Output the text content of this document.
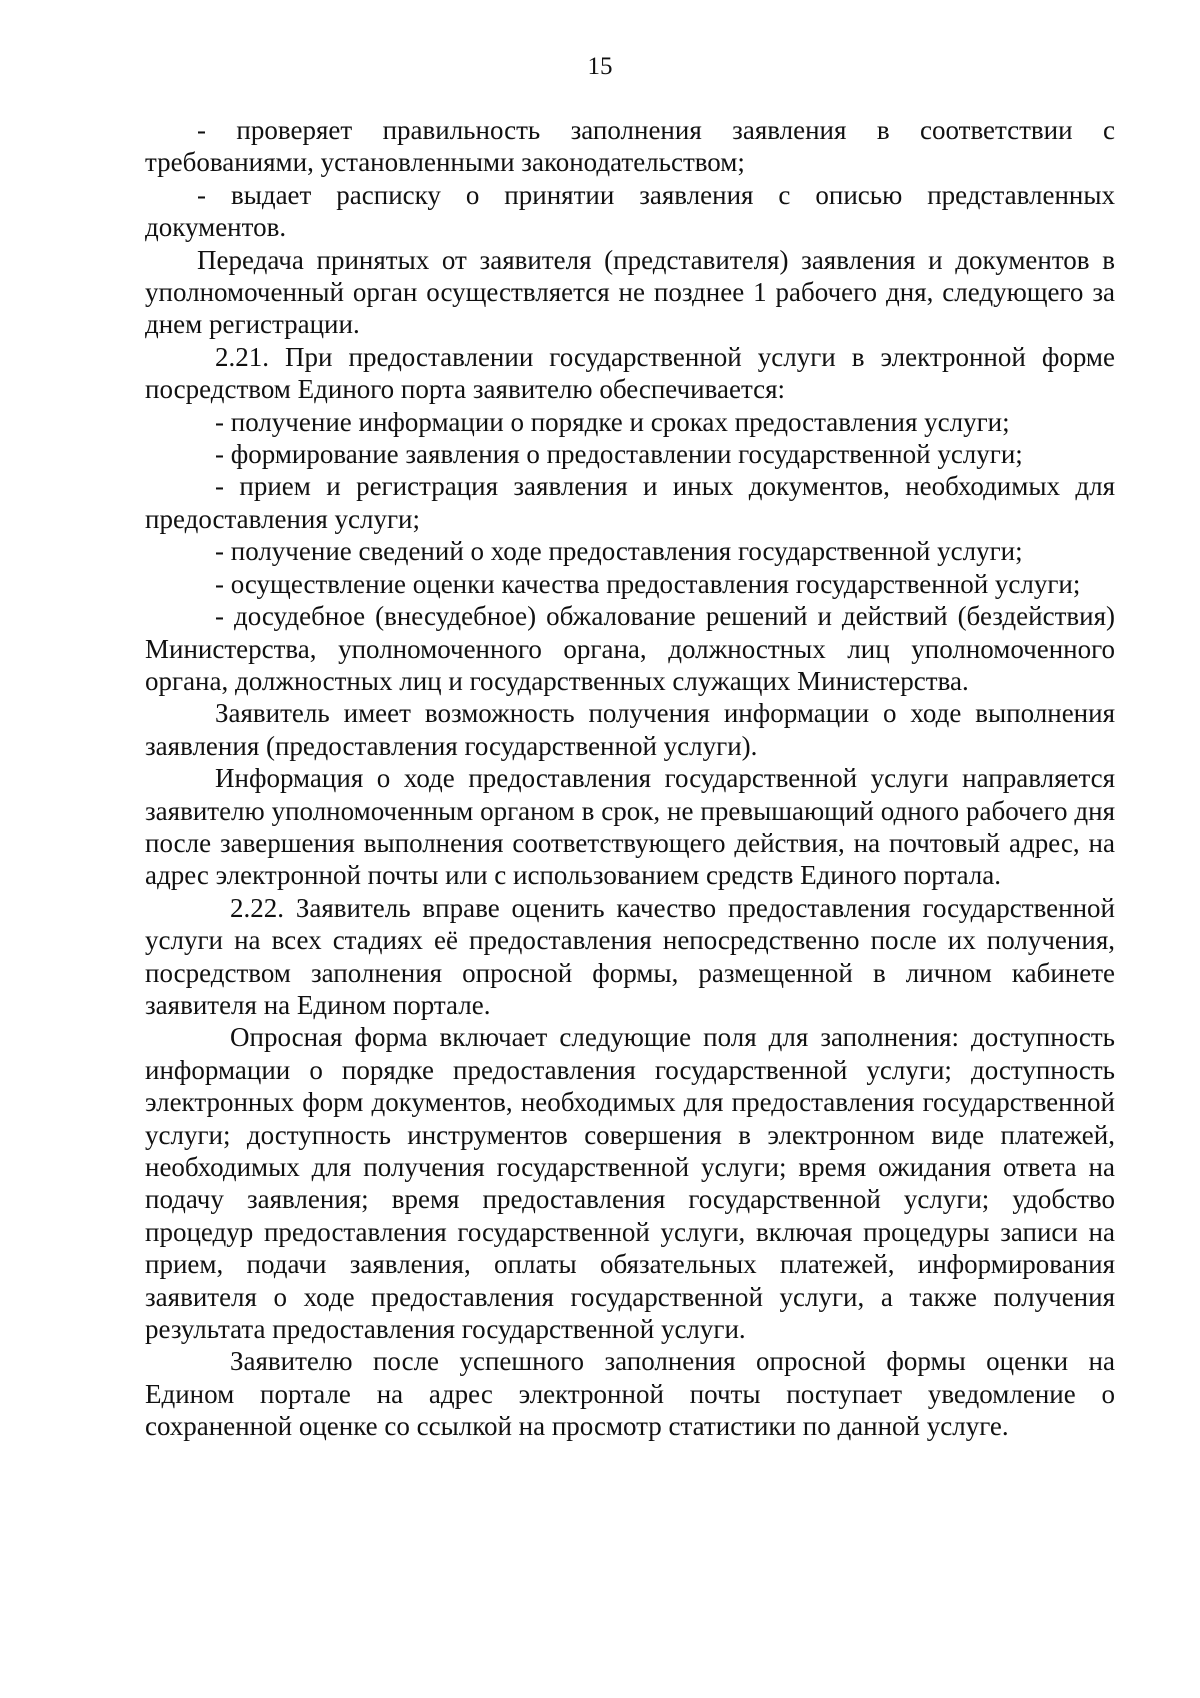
15

- проверяет правильность заполнения заявления в соответствии с требованиями, установленными законодательством;

- выдает расписку о принятии заявления с описью представленных документов.

Передача принятых от заявителя (представителя) заявления и документов в уполномоченный орган осуществляется не позднее 1 рабочего дня, следующего за днем регистрации.

2.21. При предоставлении государственной услуги в электронной форме посредством Единого порта заявителю обеспечивается:

- получение информации о порядке и сроках предоставления услуги;

- формирование заявления о предоставлении государственной услуги;

- прием и регистрация заявления и иных документов, необходимых для предоставления услуги;

- получение сведений о ходе предоставления государственной услуги;

- осуществление оценки качества предоставления государственной услуги;

- досудебное (внесудебное) обжалование решений и действий (бездействия) Министерства, уполномоченного органа, должностных лиц уполномоченного органа, должностных лиц и государственных служащих Министерства.

Заявитель имеет возможность получения информации о ходе выполнения заявления (предоставления государственной услуги).

Информация о ходе предоставления государственной услуги направляется заявителю уполномоченным органом в срок, не превышающий одного рабочего дня после завершения выполнения соответствующего действия, на почтовый адрес, на адрес электронной почты или с использованием средств Единого портала.

2.22. Заявитель вправе оценить качество предоставления государственной услуги на всех стадиях её предоставления непосредственно после их получения, посредством заполнения опросной формы, размещенной в личном кабинете заявителя на Едином портале.

Опросная форма включает следующие поля для заполнения: доступность информации о порядке предоставления государственной услуги; доступность электронных форм документов, необходимых для предоставления государственной услуги; доступность инструментов совершения в электронном виде платежей, необходимых для получения государственной услуги; время ожидания ответа на подачу заявления; время предоставления государственной услуги; удобство процедур предоставления государственной услуги, включая процедуры записи на прием, подачи заявления, оплаты обязательных платежей, информирования заявителя о ходе предоставления государственной услуги, а также получения результата предоставления государственной услуги.

Заявителю после успешного заполнения опросной формы оценки на Едином портале на адрес электронной почты поступает уведомление о сохраненной оценке со ссылкой на просмотр статистики по данной услуге.
